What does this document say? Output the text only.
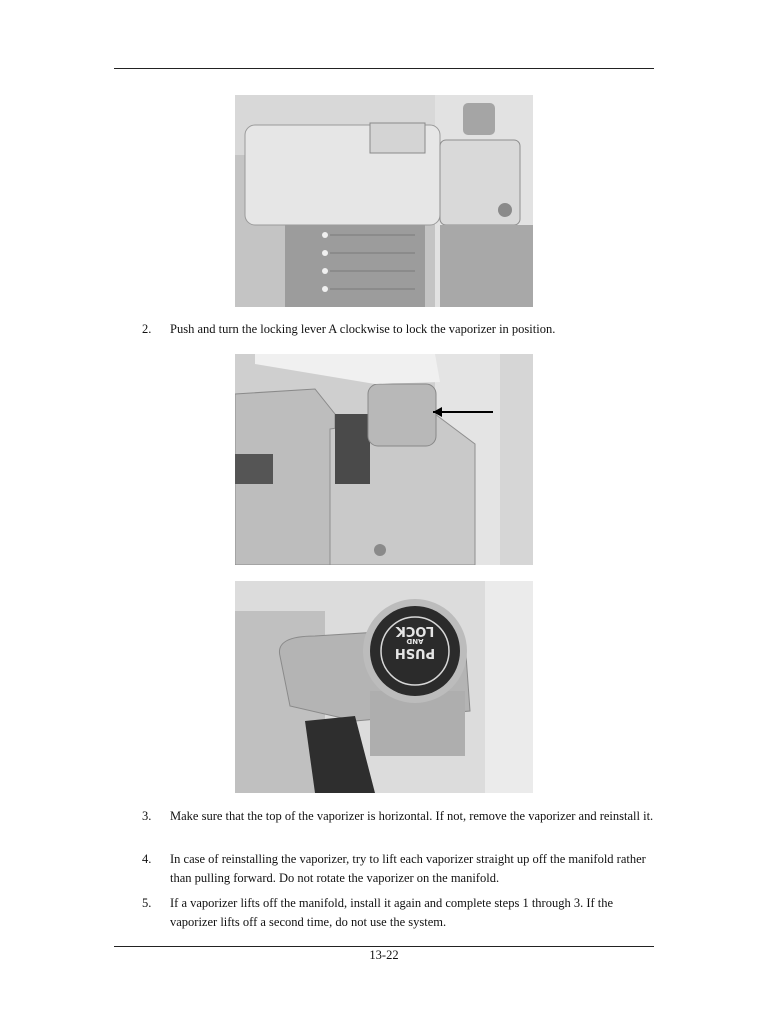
2.	Push and turn the locking lever A clockwise to lock the vaporizer in position.
PUSH
AND
LOCK
3.	Make sure that the top of the vaporizer is horizontal. If not, remove the vaporizer and reinstall it.
4.	In case of reinstalling the vaporizer, try to lift each vaporizer straight up off the manifold rather than pulling forward. Do not rotate the vaporizer on the manifold.
5.	If a vaporizer lifts off the manifold, install it again and complete steps 1 through 3. If the vaporizer lifts off a second time, do not use the system.
13-22
